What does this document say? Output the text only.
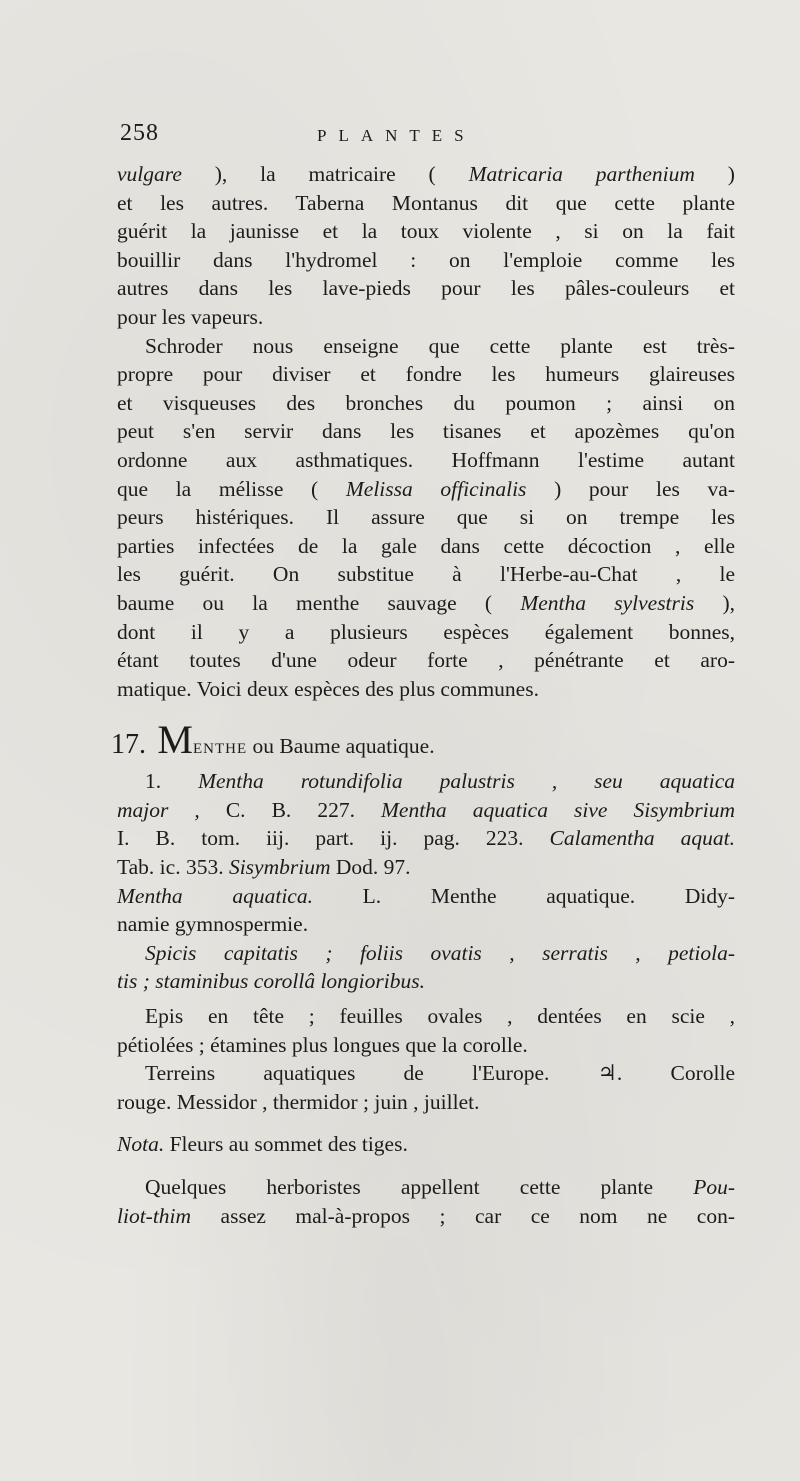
258	PLANTES
vulgare ), la matricaire ( Matricaria parthenium )
et les autres. Taberna Montanus dit que cette plante
guérit la jaunisse et la toux violente , si on la fait
bouillir dans l'hydromel : on l'emploie comme les
autres dans les lave-pieds pour les pâles-couleurs et
pour les vapeurs.
Schroder nous enseigne que cette plante est très-
propre pour diviser et fondre les humeurs glaireuses
et visqueuses des bronches du poumon ; ainsi on
peut s'en servir dans les tisanes et apozèmes qu'on
ordonne aux asthmatiques. Hoffmann l'estime autant
que la mélisse ( Melissa officinalis ) pour les va-
peurs histériques. Il assure que si on trempe les
parties infectées de la gale dans cette décoction , elle
les guérit. On substitue à l'Herbe-au-Chat , le
baume ou la menthe sauvage ( Mentha sylvestris ),
dont il y a plusieurs espèces également bonnes,
étant toutes d'une odeur forte , pénétrante et aro-
matique. Voici deux espèces des plus communes.
17. MENTHE ou Baume aquatique.
1. Mentha rotundifolia palustris , seu aquatica
major , C. B. 227. Mentha aquatica sive Sisymbrium
I. B. tom. iij. part. ij. pag. 223. Calamentha aquat.
Tab. ic. 353. Sisymbrium Dod. 97.
Mentha aquatica. L. Menthe aquatique. Didy-
namie gymnospermie.
Spicis capitatis ; foliis ovatis , serratis , petiola-
tis ; staminibus corollâ longioribus.
Epis en tête ; feuilles ovales , dentées en scie ,
pétiolées ; étamines plus longues que la corolle.
Terreins aquatiques de l'Europe. ♃. Corolle
rouge. Messidor , thermidor ; juin , juillet.
Nota. Fleurs au sommet des tiges.
Quelques herboristes appellent cette plante Pou-
liot-thim assez mal-à-propos ; car ce nom ne con-
